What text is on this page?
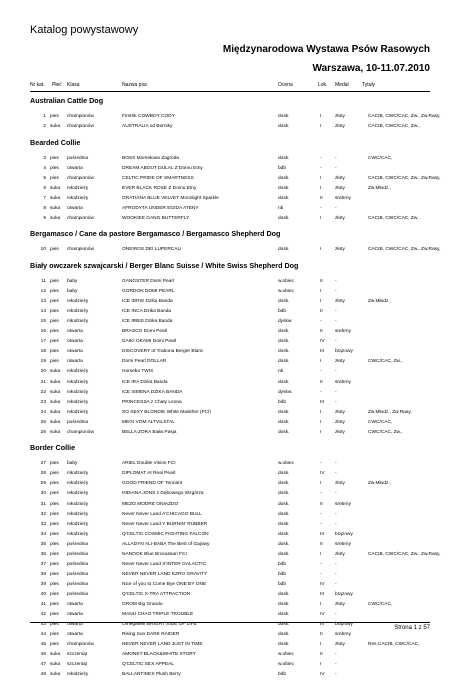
Katalog powystawowy
Międzynarodowa Wystawa Psów Rasowych
Warszawa, 10-11.07.2010
Nr kat. Płeć Klasa	Nazwa psa	Ocena	Lok. Medal	Tytuły
Australian Cattle Dog
1 pies	championów	Firntrik COWBOY CODY	dosk.	I	złoty	CACIB, CWC/CAC, Zw., Zw.Rasy,
2 suka	championów	AUSTRALIA od Borniky	dosk.	I	złoty	CACIB, CWC/CAC, Zw.,
Bearded Collie
3 pies	pośrednia	BOSS Morsełowa Zagroda	dosk.	-	-	CWC/CAC,
4 pies	otwarta	DREAM ABOUT DULAL Z Domu Etny	bdb	-	-
5 pies	championów	CELTIC PRIDE OF SMARTNESS	dosk.	I	złoty	CACIB, CWC/CAC, Zw., Zw.Rasy,
6 suka	młodzieży	EVER BLACK ROSE Z Domu Etny	dosk.	I	złoty	Zw.Młodz.,
7 suka	młodzieży	GRATIANA BLUE VELVET Moonlight Sparkle	dosk.	II	srebrny
8 suka	otwarta	AFRODYTA UNDER EGIDA ATENY	nb	-	-
9 suka	championów	WOOKIEE GANG BUTTERFLY	dosk.	I	złoty	CACIB, CWC/CAC, Zw.,
Bergamasco / Cane da pastore Bergamasco / Bergamasco Shepherd Dog
10 pies	championów	ONEIROS DEI LUPERCALI	dosk.	I	złoty	CACIB, CWC/CAC, Zw., Zw.Rasy,
Biały owczarek szwajcarski / Berger Blanc Suisse / White Swiss Shepherd Dog
11 pies	baby	GANGSTER Domi Pearl	w.obiec	II	-
12 pies	baby	GORDON DOMI PEARL	w.obiec	I	-
13 pies	młodzieży	ICE IDRIS Dzika Banda	dosk.	I	złoty	Zw.Młodz.,
14 pies	młodzieży	ICE INCA Dzika Banda	bdb	II	-
15 pies	młodzieży	ICE IRBIS Dzika Banda	dyskw.	-	-
16 pies	otwarta	BRASCO Domi Pearl	dosk.	II	srebrny
17 pies	otwarta	DAIKI OKAMI Domi Pearl	dosk.	IV	-
18 pies	otwarta	DISCOVERY of Trabona Berger Blanc	dosk.	III	brązowy
19 pies	otwarta	Domi Pearl DOLLAR	dosk.	I	złoty	CWC/CAC, Zw.,
20 suka	młodzieży	Horsebo TWIX	nb	-	-
21 suka	młodzieży	ICE IRA Dzika Banda	dosk.	II	srebrny
22 suka	młodzieży	ICE ISMENA DZIKA BANDA	dyskw.	-	-
23 suka	młodzieży	PRINCESSA z Chaty Leona	bdb	III	-
24 suka	młodzieży	SO SEXY BLONDIE White Maisther (FCI)	dosk.	I	złoty	Zw.Młodz., Zw.Rasy,
25 suka	pośrednia	MEGI VOM ALTVILSTAL	dosk.	I	złoty	CWC/CAC,
26 suka	championów	BELLA ZORA Biała Pasja	dosk.	I	złoty	CWC/CAC, Zw.,
Border Collie
27 pies	baby	ARIEL Double Vision FCI	w.obiec	-	-
28 pies	młodzieży	DIPLOMAT At Real Pearl	dosk.	IV	-
29 pies	młodzieży	GOOD FRIEND OF Tennant	dosk.	I	złoty	Zw.Młodz.,
30 pies	młodzieży	INDIANA JONS z Dębowego Wzgórza	dosk.	-	-
31 pies	młodzieży	MEZO MODRE ONIAZDO	dosk.	II	srebrny
32 pies	młodzieży	Never Never Land A'CHICAGO BULL	dosk.	-	-
33 pies	młodzieży	Never Never Land Y BURNIN' RUBBER	dosk.	-	-
34 pies	młodzieży	Q'CELTIC COSMIC FIGHTING FALCON	dosk.	III	brązowy
35 pies	pośrednia	ALLADYN ALI-BABA The Best of Gajowy	dosk.	II	srebrny
36 pies	pośrednia	NANOOK Blue Brocassari FCI	dosk.	I	złoty	CACIB, CWC/CAC, Zw., Zw.Rasy,
37 pies	pośrednia	Never Never Land X'INTER GALACTIC	bdb	-	-
38 pies	pośrednia	NEVER NEVER LAND EZRO GRAVITY	bdb	-	-
39 pies	pośrednia	Nice of you to Come Bye ONE BY ONE	bdb	IV	-
40 pies	pośrednia	Q'CELTIC X-TRA ATTRACTION	dosk.	III	brązowy
41 pies	otwarta	GROM Big Grandu	dosk.	I	złoty	CWC/CAC,
42 pies	otwarta	MANU CHAO TRIPLE TROUBLE	dosk.	IV	-
43 pies	otwarta	OmegaMin BRIGHT SIDE OF LIFE	dosk.	III	brązowy
44 pies	otwarta	Rising Sun DARK RAIDER	dosk.	II	srebrny
45 pies	championów	NEVER NEVER LAND JUST IN TIME	dosk.	I	złoty	Res.CACIB, CWC/CAC,
46 suka	szczeniąt	AMONET BLACK&WHITE STORY	w.obiec	II	-
47 suka	szczeniąt	Q'CELTIC SEX APPEAL	w.obiec	I	-
48 suka	młodzieży	BALLANTINES Plush Berry	bdb	IV	-
Strona 1 z 57
